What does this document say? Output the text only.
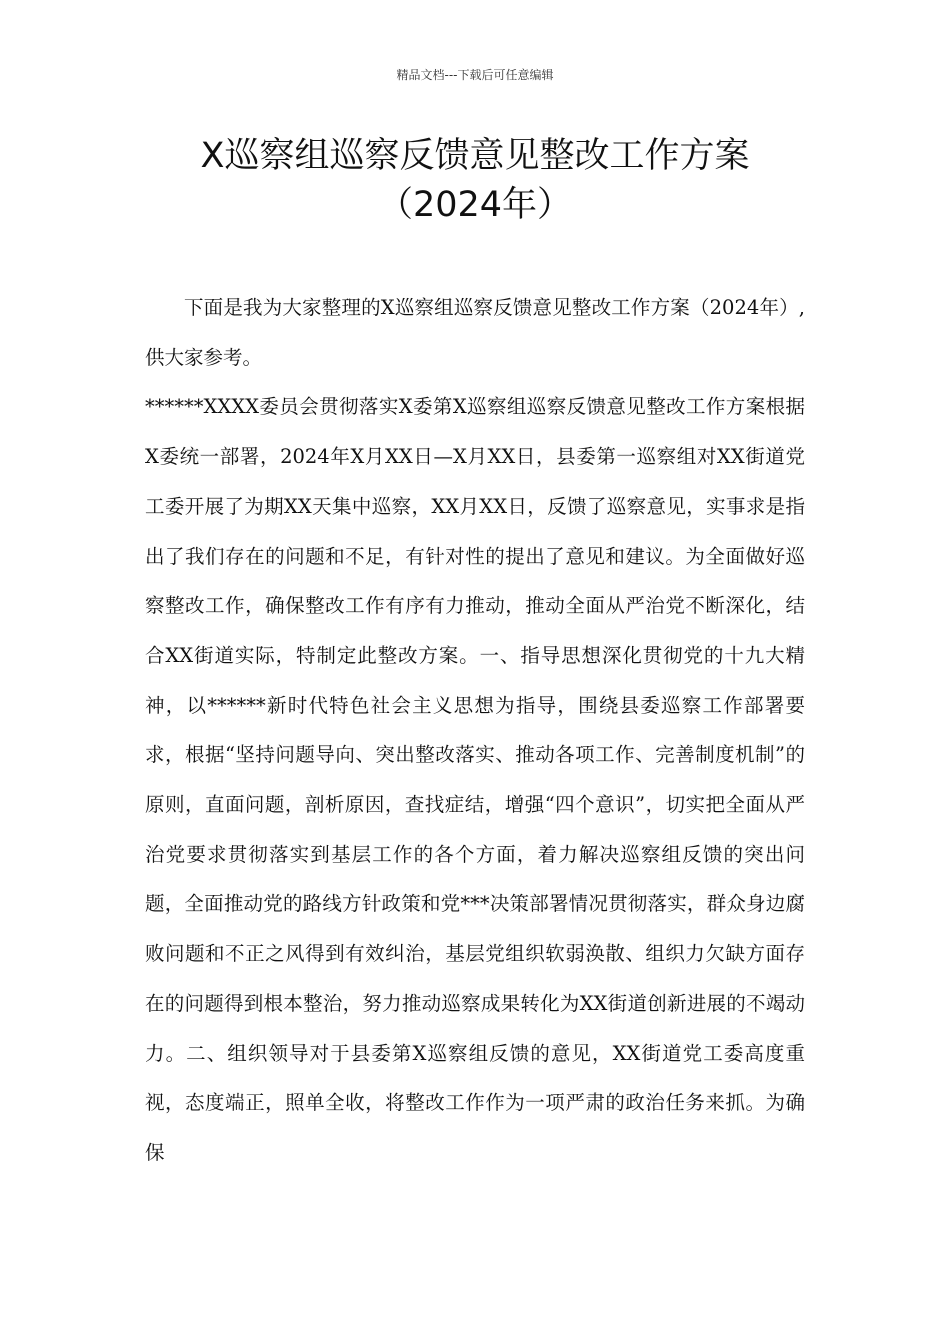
精品文档---下载后可任意编辑
X巡察组巡察反馈意见整改工作方案
（2024年）

下面是我为大家整理的X巡察组巡察反馈意见整改工作方案（2024年）,供大家参考。

******XXXX委员会贯彻落实X委第X巡察组巡察反馈意见整改工作方案根据X委统一部署，2024年X月XX日—X月XX日，县委第一巡察组对XX街道党工委开展了为期XX天集中巡察，XX月XX日，反馈了巡察意见，实事求是指出了我们存在的问题和不足，有针对性的提出了意见和建议。为全面做好巡察整改工作，确保整改工作有序有力推动，推动全面从严治党不断深化，结合XX街道实际，特制定此整改方案。一、指导思想深化贯彻党的十九大精神，以******新时代特色社会主义思想为指导，围绕县委巡察工作部署要求，根据“坚持问题导向、突出整改落实、推动各项工作、完善制度机制”的原则，直面问题，剖析原因，查找症结，增强“四个意识”，切实把全面从严治党要求贯彻落实到基层工作的各个方面，着力解决巡察组反馈的突出问题，全面推动党的路线方针政策和党***决策部署情况贯彻落实，群众身边腐败问题和不正之风得到有效纠治，基层党组织软弱涣散、组织力欠缺方面存在的问题得到根本整治，努力推动巡察成果转化为XX街道创新进展的不竭动力。二、组织领导对于县委第X巡察组反馈的意见，XX街道党工委高度重视，态度端正，照单全收，将整改工作作为一项严肃的政治任务来抓。为确保
